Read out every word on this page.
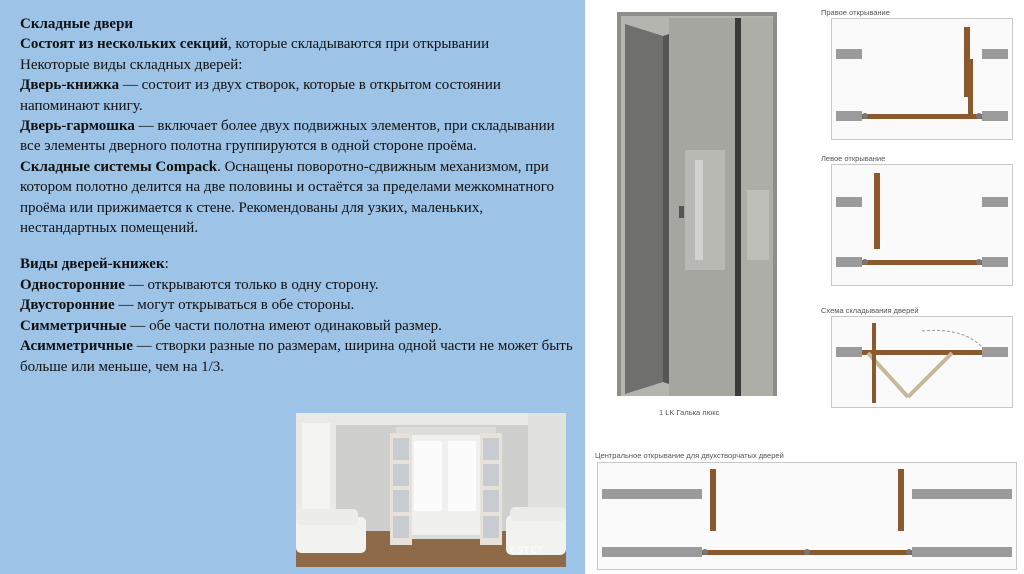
Складные двери

Состоят из нескольких секций, которые складываются при открывании

Некоторые виды складных дверей:

Дверь-книжка — состоит из двух створок, которые в открытом состоянии напоминают книгу.

Дверь-гармошка — включает более двух подвижных элементов, при складывании все элементы дверного полотна группируются в одной стороне проёма.

Складные системы Compack. Оснащены поворотно-сдвижным механизмом, при котором полотно делится на две половины и остаётся за пределами межкомнатного проёма или прижимается к стене. Рекомендованы для узких, маленьких, нестандартных помещений.

Виды дверей-книжек:

Односторонние — открываются только в одну сторону.

Двусторонние — могут открываться в обе стороны.

Симметричные — обе части полотна имеют одинаковый размер.

Асимметричные — створки разные по размерам, ширина одной части не может быть больше или меньше, чем на 1/3.

ESTET
1 LK Галька люкс
Правое открывание
Левое открывание
Схема складывания дверей
Центральное открывание для двухстворчатых дверей
